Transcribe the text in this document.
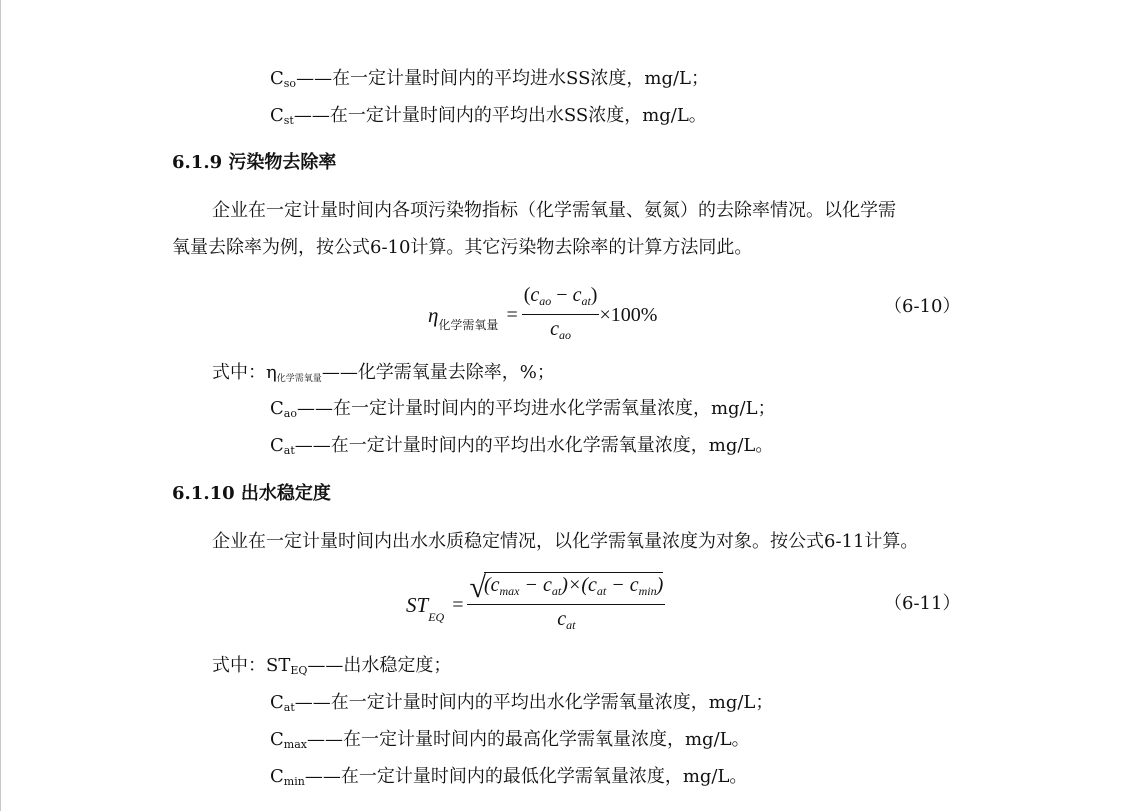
$C_{so}——$在一定计量时间内的平均进水SS浓度，mg/L；
$C_{st}——$在一定计量时间内的平均出水SS浓度，mg/L。
6.1.9 污染物去除率
企业在一定计量时间内各项污染物指标（化学需氧量、氨氮）的去除率情况。以化学需
氧量去除率为例，按公式6-10计算。其它污染物去除率的计算方法同此。
$\eta_{化学需氧量} = \frac{(c_{ao} - c_{at})}{c_{ao}} \times 100\%$	（6-10）
式中：$\eta_{化学需氧量}——$化学需氧量去除率，%；
$C_{ao}——$在一定计量时间内的平均进水化学需氧量浓度，mg/L；
$C_{at}——$在一定计量时间内的平均出水化学需氧量浓度，mg/L。
6.1.10 出水稳定度
企业在一定计量时间内出水水质稳定情况，以化学需氧量浓度为对象。按公式6-11计算。
$ST_{EQ} = \frac{√(c_{max} - c_{at})\times(c_{at} - c_{min})}{c_{at}}$	（6-11）
式中：$ST_{EQ}——$出水稳定度；
$C_{at}——$在一定计量时间内的平均出水化学需氧量浓度，mg/L；
$C_{max}——$在一定计量时间内的最高化学需氧量浓度，mg/L。
$C_{min}——$在一定计量时间内的最低化学需氧量浓度，mg/L。
